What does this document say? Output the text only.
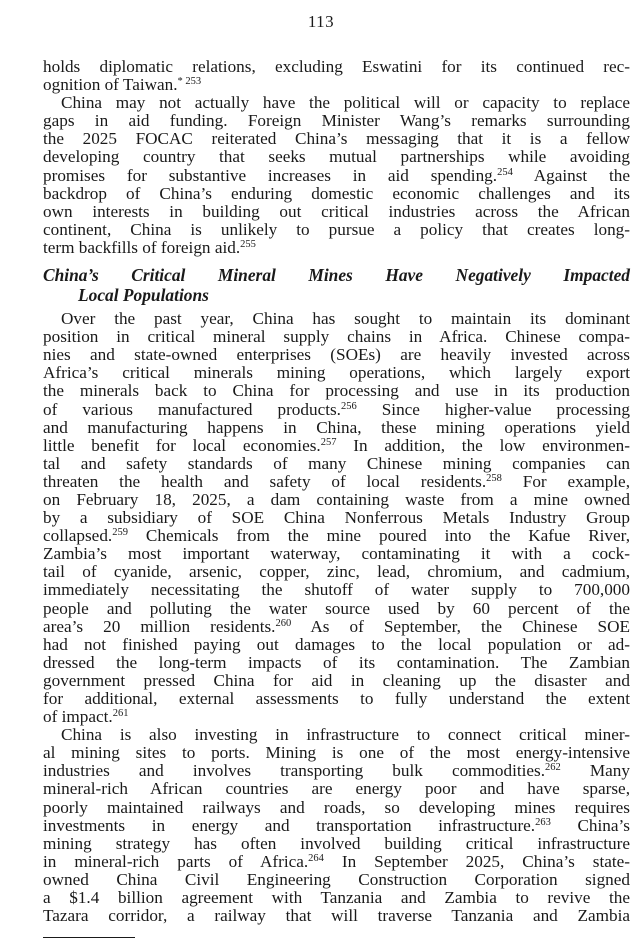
113
holds diplomatic relations, excluding Eswatini for its continued rec-
ognition of Taiwan.$^{* 253}$
China may not actually have the political will or capacity to replace
gaps in aid funding. Foreign Minister Wang’s remarks surrounding
the 2025 FOCAC reiterated China’s messaging that it is a fellow
developing country that seeks mutual partnerships while avoiding
promises for substantive increases in aid spending.$^{254}$ Against the
backdrop of China’s enduring domestic economic challenges and its
own interests in building out critical industries across the African
continent, China is unlikely to pursue a policy that creates long-
term backfills of foreign aid.$^{255}$
China’s Critical Mineral Mines Have Negatively Impacted
Local Populations
Over the past year, China has sought to maintain its dominant
position in critical mineral supply chains in Africa. Chinese compa-
nies and state-owned enterprises (SOEs) are heavily invested across
Africa’s critical minerals mining operations, which largely export
the minerals back to China for processing and use in its production
of various manufactured products.$^{256}$ Since higher-value processing
and manufacturing happens in China, these mining operations yield
little benefit for local economies.$^{257}$ In addition, the low environmen-
tal and safety standards of many Chinese mining companies can
threaten the health and safety of local residents.$^{258}$ For example,
on February 18, 2025, a dam containing waste from a mine owned
by a subsidiary of SOE China Nonferrous Metals Industry Group
collapsed.$^{259}$ Chemicals from the mine poured into the Kafue River,
Zambia’s most important waterway, contaminating it with a cock-
tail of cyanide, arsenic, copper, zinc, lead, chromium, and cadmium,
immediately necessitating the shutoff of water supply to 700,000
people and polluting the water source used by 60 percent of the
area’s 20 million residents.$^{260}$ As of September, the Chinese SOE
had not finished paying out damages to the local population or ad-
dressed the long-term impacts of its contamination. The Zambian
government pressed China for aid in cleaning up the disaster and
for additional, external assessments to fully understand the extent
of impact.$^{261}$
China is also investing in infrastructure to connect critical miner-
al mining sites to ports. Mining is one of the most energy-intensive
industries and involves transporting bulk commodities.$^{262}$ Many
mineral-rich African countries are energy poor and have sparse,
poorly maintained railways and roads, so developing mines requires
investments in energy and transportation infrastructure.$^{263}$ China’s
mining strategy has often involved building critical infrastructure
in mineral-rich parts of Africa.$^{264}$ In September 2025, China’s state-
owned China Civil Engineering Construction Corporation signed
a $1.4 billion agreement with Tanzania and Zambia to revive the
Tazara corridor, a railway that will traverse Tanzania and Zambia
